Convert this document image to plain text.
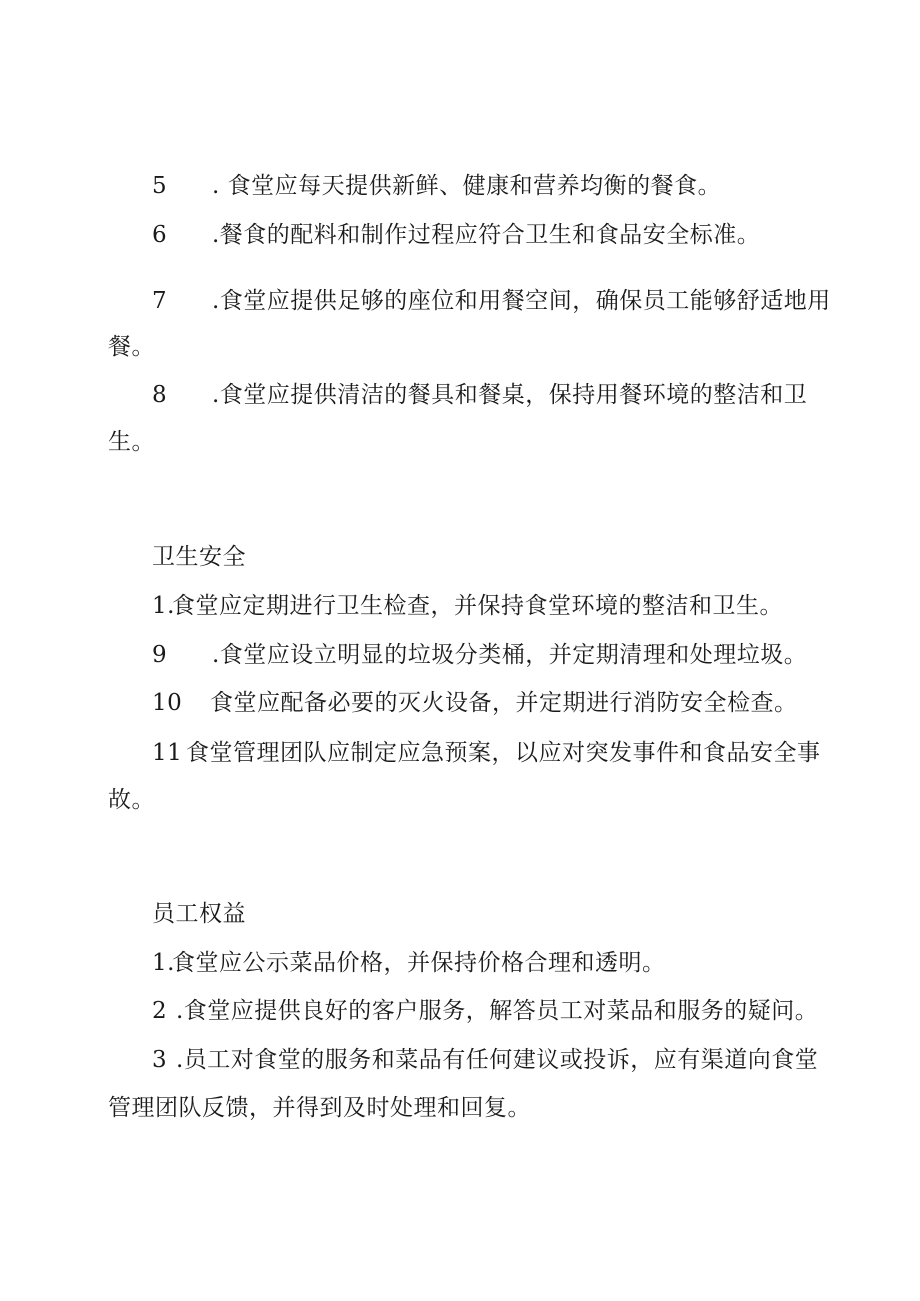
5 . 食堂应每天提供新鲜、健康和营养均衡的餐食。
6 .餐食的配料和制作过程应符合卫生和食品安全标准。
7 .食堂应提供足够的座位和用餐空间，确保员工能够舒适地用
餐。
8 .食堂应提供清洁的餐具和餐桌，保持用餐环境的整洁和卫
生。
卫生安全
1.食堂应定期进行卫生检查，并保持食堂环境的整洁和卫生。
9 .食堂应设立明显的垃圾分类桶，并定期清理和处理垃圾。
10 食堂应配备必要的灭火设备，并定期进行消防安全检查。
11 食堂管理团队应制定应急预案，以应对突发事件和食品安全事
故。
员工权益
1.食堂应公示菜品价格，并保持价格合理和透明。
2 .食堂应提供良好的客户服务，解答员工对菜品和服务的疑问。
3 .员工对食堂的服务和菜品有任何建议或投诉，应有渠道向食堂
管理团队反馈，并得到及时处理和回复。
